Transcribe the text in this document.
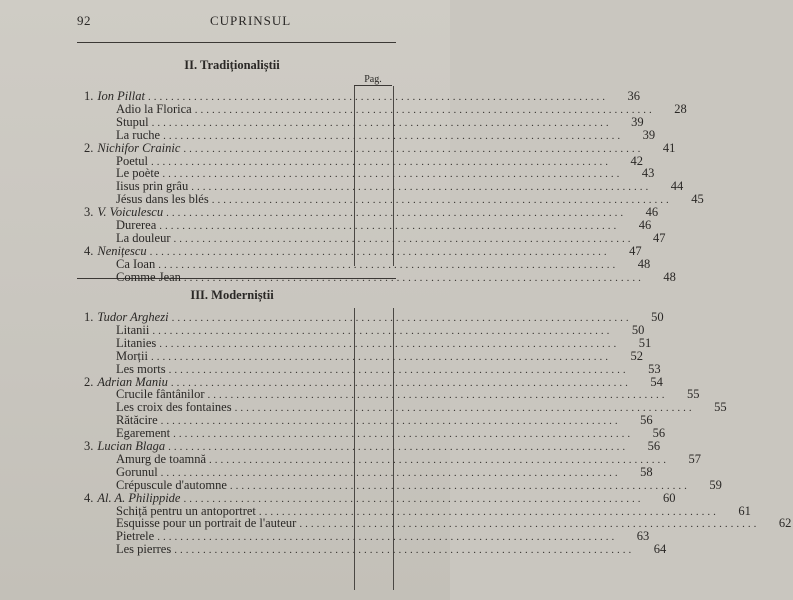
92	CUPRINSUL
II. Tradiționaliștii
Pag.
III. Moderniștii
1. Ion Pillat ................................................................................	36
Adio la Florica ................................................................................	28
Stupul ................................................................................	39
La ruche ................................................................................	39
2. Nichifor Crainic ................................................................................	41
Poetul ................................................................................	42
Le poète ................................................................................	43
Iisus prin grâu ................................................................................	44
Jésus dans les blés ................................................................................	45
3. V. Voiculescu ................................................................................	46
Durerea ................................................................................	46
La douleur ................................................................................	47
4. Nenițescu ................................................................................	47
Ca Ioan ................................................................................	48
Comme Jean ................................................................................	48
1. Tudor Arghezi ................................................................................	50
Litanii ................................................................................	50
Litanies ................................................................................	51
Morții ................................................................................	52
Les morts ................................................................................	53
2. Adrian Maniu ................................................................................	54
Crucile fântânilor ................................................................................	55
Les croix des fontaines ................................................................................	55
Rătăcire ................................................................................	56
Egarement ................................................................................	56
3. Lucian Blaga ................................................................................	56
Amurg de toamnă ................................................................................	57
Gorunul ................................................................................	58
Crépuscule d'automne ................................................................................	59
4. Al. A. Philippide ................................................................................	60
Schiță pentru un antoportret ................................................................................	61
Esquisse pour un portrait de l'auteur ................................................................................	62
Pietrele ................................................................................	63
Les pierres ................................................................................	64
